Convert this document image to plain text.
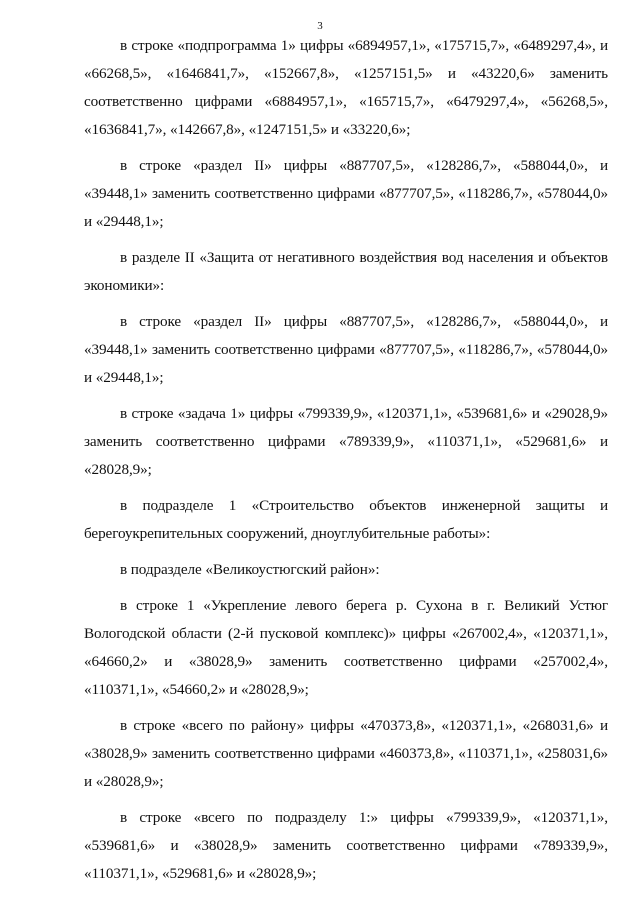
3

в строке «подпрограмма 1» цифры «6894957,1», «175715,7», «6489297,4», и «66268,5», «1646841,7», «152667,8», «1257151,5» и «43220,6» заменить соответственно цифрами «6884957,1», «165715,7», «6479297,4», «56268,5», «1636841,7», «142667,8», «1247151,5» и «33220,6»;

в строке «раздел II» цифры «887707,5», «128286,7», «588044,0», и «39448,1» заменить соответственно цифрами «877707,5», «118286,7», «578044,0» и «29448,1»;

в разделе II «Защита от негативного воздействия вод населения и объектов экономики»:

в строке «раздел II» цифры «887707,5», «128286,7», «588044,0», и «39448,1» заменить соответственно цифрами «877707,5», «118286,7», «578044,0» и «29448,1»;

в строке «задача 1» цифры «799339,9», «120371,1», «539681,6» и «29028,9» заменить соответственно цифрами «789339,9», «110371,1», «529681,6» и «28028,9»;

в подразделе 1 «Строительство объектов инженерной защиты и берегоукрепительных сооружений, дноуглубительные работы»:

в подразделе «Великоустюгский район»:

в строке 1 «Укрепление левого берега р. Сухона в г. Великий Устюг Вологодской области (2-й пусковой комплекс)» цифры «267002,4», «120371,1», «64660,2» и «38028,9» заменить соответственно цифрами «257002,4», «110371,1», «54660,2» и «28028,9»;

в строке «всего по району» цифры «470373,8», «120371,1», «268031,6» и «38028,9» заменить соответственно цифрами «460373,8», «110371,1», «258031,6» и «28028,9»;

в строке «всего по подразделу 1:» цифры «799339,9», «120371,1», «539681,6» и «38028,9» заменить соответственно цифрами «789339,9», «110371,1», «529681,6» и «28028,9»;
